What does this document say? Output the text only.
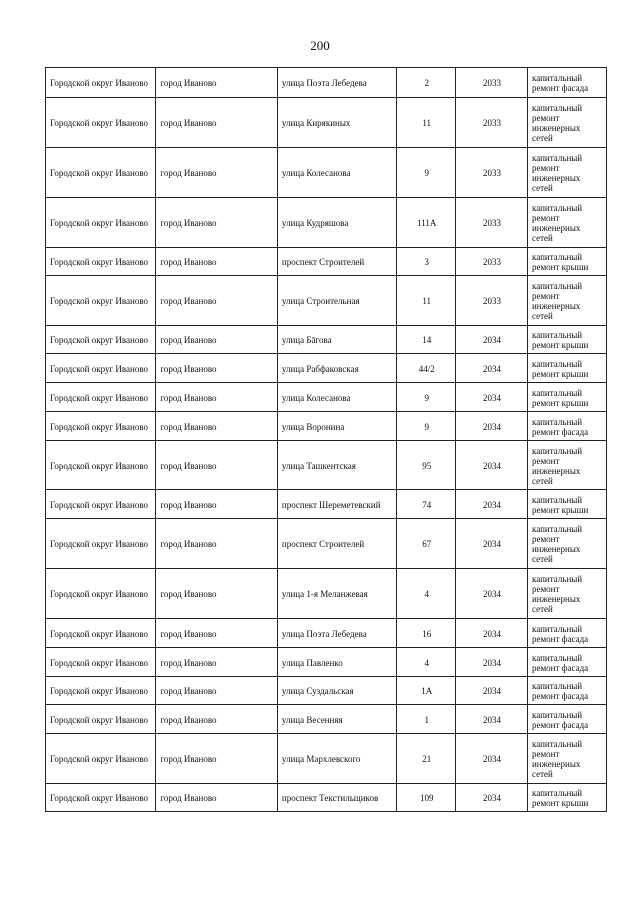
200
Городской округ Иваново	город Иваново	улица Поэта Лебедева	2	2033	капитальный ремонт фасада
Городской округ Иваново	город Иваново	улица Кирякиных	11	2033	капитальный ремонт инженерных сетей
Городской округ Иваново	город Иваново	улица Колесанова	9	2033	капитальный ремонт инженерных сетей
Городской округ Иваново	город Иваново	улица Кудряшова	111А	2033	капитальный ремонт инженерных сетей
Городской округ Иваново	город Иваново	проспект Строителей	3	2033	капитальный ремонт крыши
Городской округ Иваново	город Иваново	улица Строительная	11	2033	капитальный ремонт инженерных сетей
Городской округ Иваново	город Иваново	улица Бāгова	14	2034	капитальный ремонт крыши
Городской округ Иваново	город Иваново	улица Рабфаковская	44/2	2034	капитальный ремонт крыши
Городской округ Иваново	город Иваново	улица Колесанова	9	2034	капитальный ремонт крыши
Городской округ Иваново	город Иваново	улица Воронина	9	2034	капитальный ремонт фасада
Городской округ Иваново	город Иваново	улица Ташкентская	95	2034	капитальный ремонт инженерных сетей
Городской округ Иваново	город Иваново	проспект Шереметевский	74	2034	капитальный ремонт крыши
Городской округ Иваново	город Иваново	проспект Строителей	67	2034	капитальный ремонт инженерных сетей
Городской округ Иваново	город Иваново	улица 1-я Меланжевая	4	2034	капитальный ремонт инженерных сетей
Городской округ Иваново	город Иваново	улица Поэта Лебедева	16	2034	капитальный ремонт фасада
Городской округ Иваново	город Иваново	улица Павленко	4	2034	капитальный ремонт фасада
Городской округ Иваново	город Иваново	улица Суздальская	1А	2034	капитальный ремонт фасада
Городской округ Иваново	город Иваново	улица Весенняя	1	2034	капитальный ремонт фасада
Городской округ Иваново	город Иваново	улица Мархлевского	21	2034	капитальный ремонт инженерных сетей
Городской округ Иваново	город Иваново	проспект Текстильщиков	109	2034	капитальный ремонт крыши
